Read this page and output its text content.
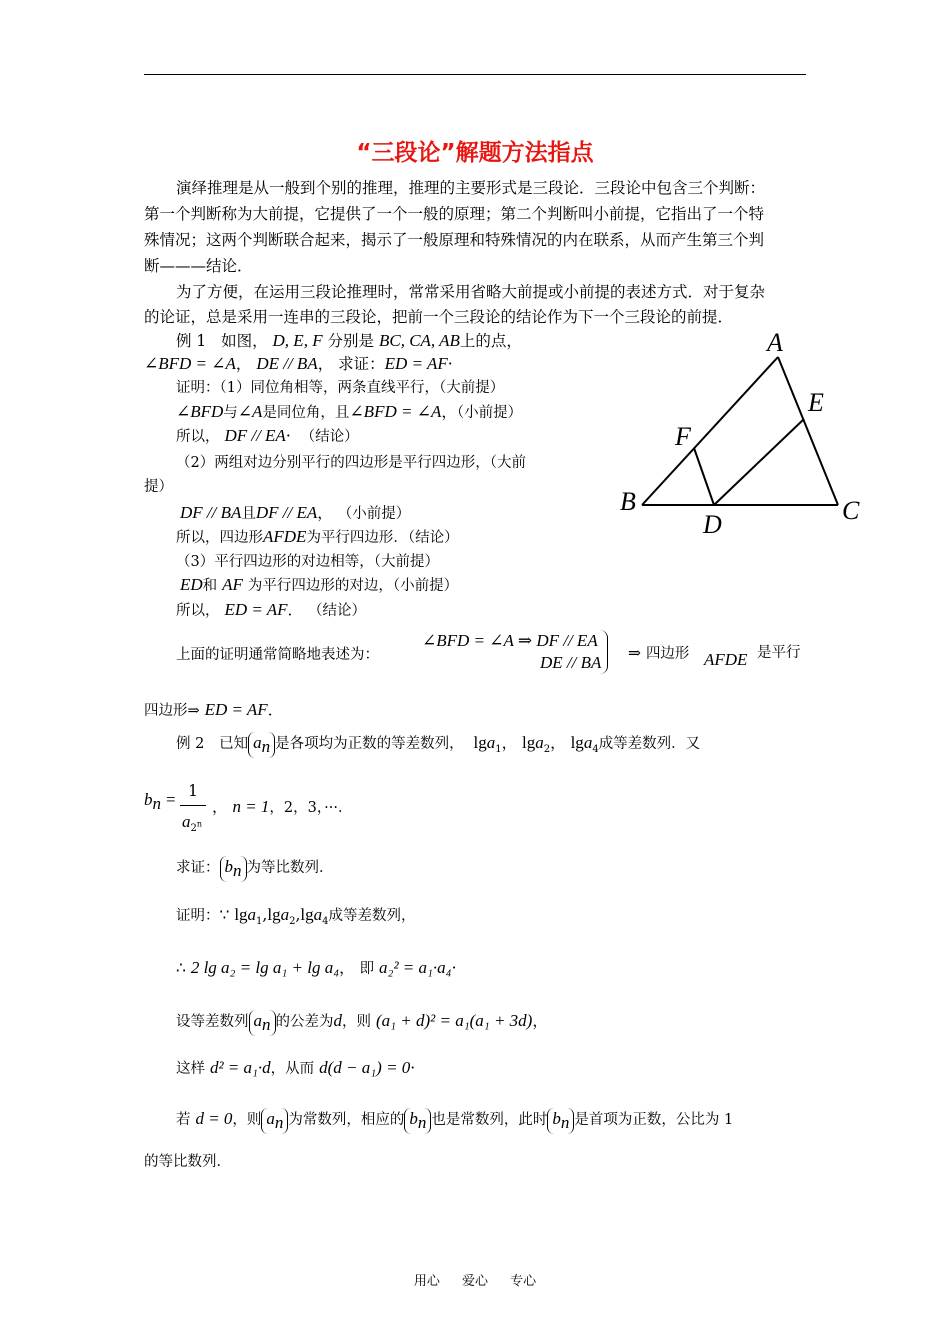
“三段论”解题方法指点
演绎推理是从一般到个别的推理，推理的主要形式是三段论．三段论中包含三个判断：
第一个判断称为大前提，它提供了一个一般的原理；第二个判断叫小前提，它指出了一个特
殊情况；这两个判断联合起来，揭示了一般原理和特殊情况的内在联系，从而产生第三个判
断———结论．
为了方便，在运用三段论推理时，常常采用省略大前提或小前提的表述方式．对于复杂
的论证，总是采用一连串的三段论，把前一个三段论的结论作为下一个三段论的前提．
例 1 如图， D, E, F 分别是 BC, CA, AB上的点，
∠BFD = ∠A， DE // BA， 求证：ED = AF·
证明：（1）同位角相等，两条直线平行，（大前提）
∠BFD与∠A是同位角，且∠BFD = ∠A，（小前提）
所以， DF // EA·  （结论）
（2）两组对边分别平行的四边形是平行四边形，（大前
提）
DF // BA且DF // EA， （小前提）
所以，四边形AFDE为平行四边形．（结论）
（3）平行四边形的对边相等，（大前提）
ED和 AF 为平行四边形的对边，（小前提）
所以， ED = AF． （结论）
上面的证明通常简略地表述为：
∠BFD = ∠A ⇒ DF // EA
DE // BA	⇒ 四边形 AFDE 是平行
四边形⇒ ED = AF．
A
B	C
D
E
F
例 2 已知 $a_n$ 是各项均为正数的等差数列， lga$_1$， lga$_2$， lga$_4$成等差数列．又
$b_n = 1$
$a_{2^n}$
， n = 1，2，3，···．
求证： $b_n$ 为等比数列．
证明：∵ lga$_1$,lga$_2$,lga$_4$成等差数列，
∴ 2 lg a₂ = lg a₁ + lg a₄， 即 a₂² = a₁·a₄·
设等差数列 $a_n$ 的公差为d，则 (a₁ + d)² = a₁(a₁ + 3d)，
这样 d² = a₁·d，从而 d(d − a₁) = 0·
若 d = 0，则 $a_n$ 为常数列，相应的 $b_n$ 也是常数列，此时 $b_n$ 是首项为正数，公比为 1
的等比数列．
用心 爱心 专心
